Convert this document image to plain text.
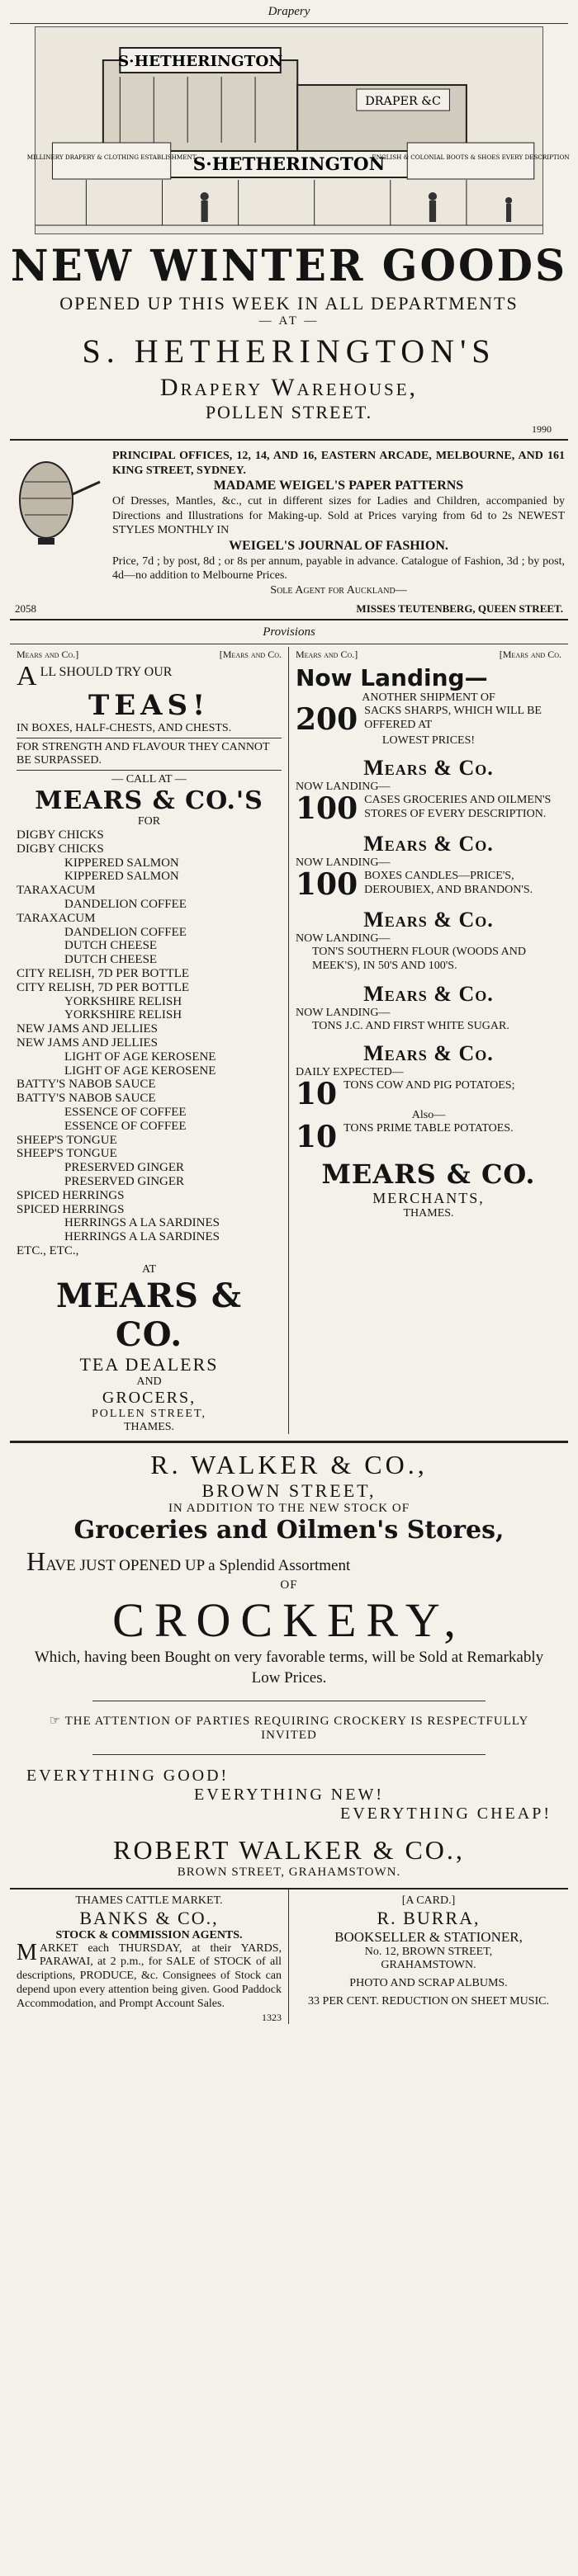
Drapery
S·HETHERINGTON
DRAPER &C
S·HETHERINGTON
MILLINERY DRAPERY & CLOTHING ESTABLISHMENT	ENGLISH & COLONIAL BOOTS & SHOES EVERY DESCRIPTION
NEW WINTER GOODS
OPENED UP THIS WEEK IN ALL DEPARTMENTS
— AT —
S. HETHERINGTON'S
Drapery Warehouse,
POLLEN STREET.
1990
PRINCIPAL OFFICES, 12, 14, AND 16, EASTERN ARCADE, MELBOURNE, AND 161 KING STREET, SYDNEY.
MADAME WEIGEL'S PAPER PATTERNS
Of Dresses, Mantles, &c., cut in different sizes for Ladies and Children, accompanied by Directions and Illustrations for Making-up. Sold at Prices varying from 6d to 2s NEWEST STYLES MONTHLY IN
WEIGEL'S JOURNAL OF FASHION.
Price, 7d ; by post, 8d ; or 8s per annum, payable in advance. Catalogue of Fashion, 3d ; by post, 4d—no addition to Melbourne Prices.
Sole Agent for Auckland—
2058	MISSES TEUTENBERG, QUEEN STREET.
Provisions
Mears and Co.]	[Mears and Co.
ALL SHOULD TRY OUR
TEAS!
IN BOXES, HALF-CHESTS, AND CHESTS.
FOR STRENGTH AND FLAVOUR THEY CANNOT BE SURPASSED.
— CALL AT —
MEARS & CO.'S
FOR
DIGBY CHICKS
DIGBY CHICKS
KIPPERED SALMON
KIPPERED SALMON
TARAXACUM
DANDELION COFFEE
TARAXACUM
DANDELION COFFEE
DUTCH CHEESE
DUTCH CHEESE
CITY RELISH, 7D PER BOTTLE
CITY RELISH, 7D PER BOTTLE
YORKSHIRE RELISH
YORKSHIRE RELISH
NEW JAMS AND JELLIES
NEW JAMS AND JELLIES
LIGHT OF AGE KEROSENE
LIGHT OF AGE KEROSENE
BATTY'S NABOB SAUCE
BATTY'S NABOB SAUCE
ESSENCE OF COFFEE
ESSENCE OF COFFEE
SHEEP'S TONGUE
SHEEP'S TONGUE
PRESERVED GINGER
PRESERVED GINGER
SPICED HERRINGS
SPICED HERRINGS
HERRINGS A LA SARDINES
HERRINGS A LA SARDINES
ETC., ETC.,
AT
MEARS & CO.
TEA DEALERS
AND
GROCERS,
POLLEN STREET,
THAMES.
Mears and Co.]	[Mears and Co.
Now Landing—
ANOTHER SHIPMENT OF
200 SACKS SHARPS, WHICH WILL BE OFFERED AT
LOWEST PRICES!
Mears & Co.
NOW LANDING—
100 CASES GROCERIES AND OILMEN'S STORES OF EVERY DESCRIPTION.
Mears & Co.
NOW LANDING—
100 BOXES CANDLES—PRICE'S, DEROUBIEX, AND BRANDON'S.
Mears & Co.
NOW LANDING—
TON'S SOUTHERN FLOUR (WOODS AND MEEK'S), IN 50'S AND 100'S.
Mears & Co.
NOW LANDING—
TONS J.C. AND FIRST WHITE SUGAR.
Mears & Co.
DAILY EXPECTED—
10 TONS COW AND PIG POTATOES;
Also—
10 TONS PRIME TABLE POTATOES.
MEARS & CO.
MERCHANTS,
THAMES.
R. WALKER & CO.,
BROWN STREET,
IN ADDITION TO THE NEW STOCK OF
Groceries and Oilmen's Stores,
HAVE JUST OPENED UP a Splendid Assortment
OF
CROCKERY,
Which, having been Bought on very favorable terms, will be Sold at Remarkably Low Prices.
☞ THE ATTENTION OF PARTIES REQUIRING CROCKERY IS RESPECTFULLY INVITED
EVERYTHING GOOD!
EVERYTHING NEW!
EVERYTHING CHEAP!
ROBERT WALKER & CO.,
BROWN STREET, GRAHAMSTOWN.
THAMES CATTLE MARKET.
BANKS & CO.,
STOCK & COMMISSION AGENTS.
MARKET each THURSDAY, at their YARDS, PARAWAI, at 2 p.m., for SALE of STOCK of all descriptions, PRODUCE, &c. Consignees of Stock can depend upon every attention being given. Good Paddock Accommodation, and Prompt Account Sales.
1323
[A CARD.]
R. BURRA,
BOOKSELLER & STATIONER,
No. 12, BROWN STREET,
GRAHAMSTOWN.
PHOTO AND SCRAP ALBUMS.
33 PER CENT. REDUCTION ON SHEET MUSIC.
